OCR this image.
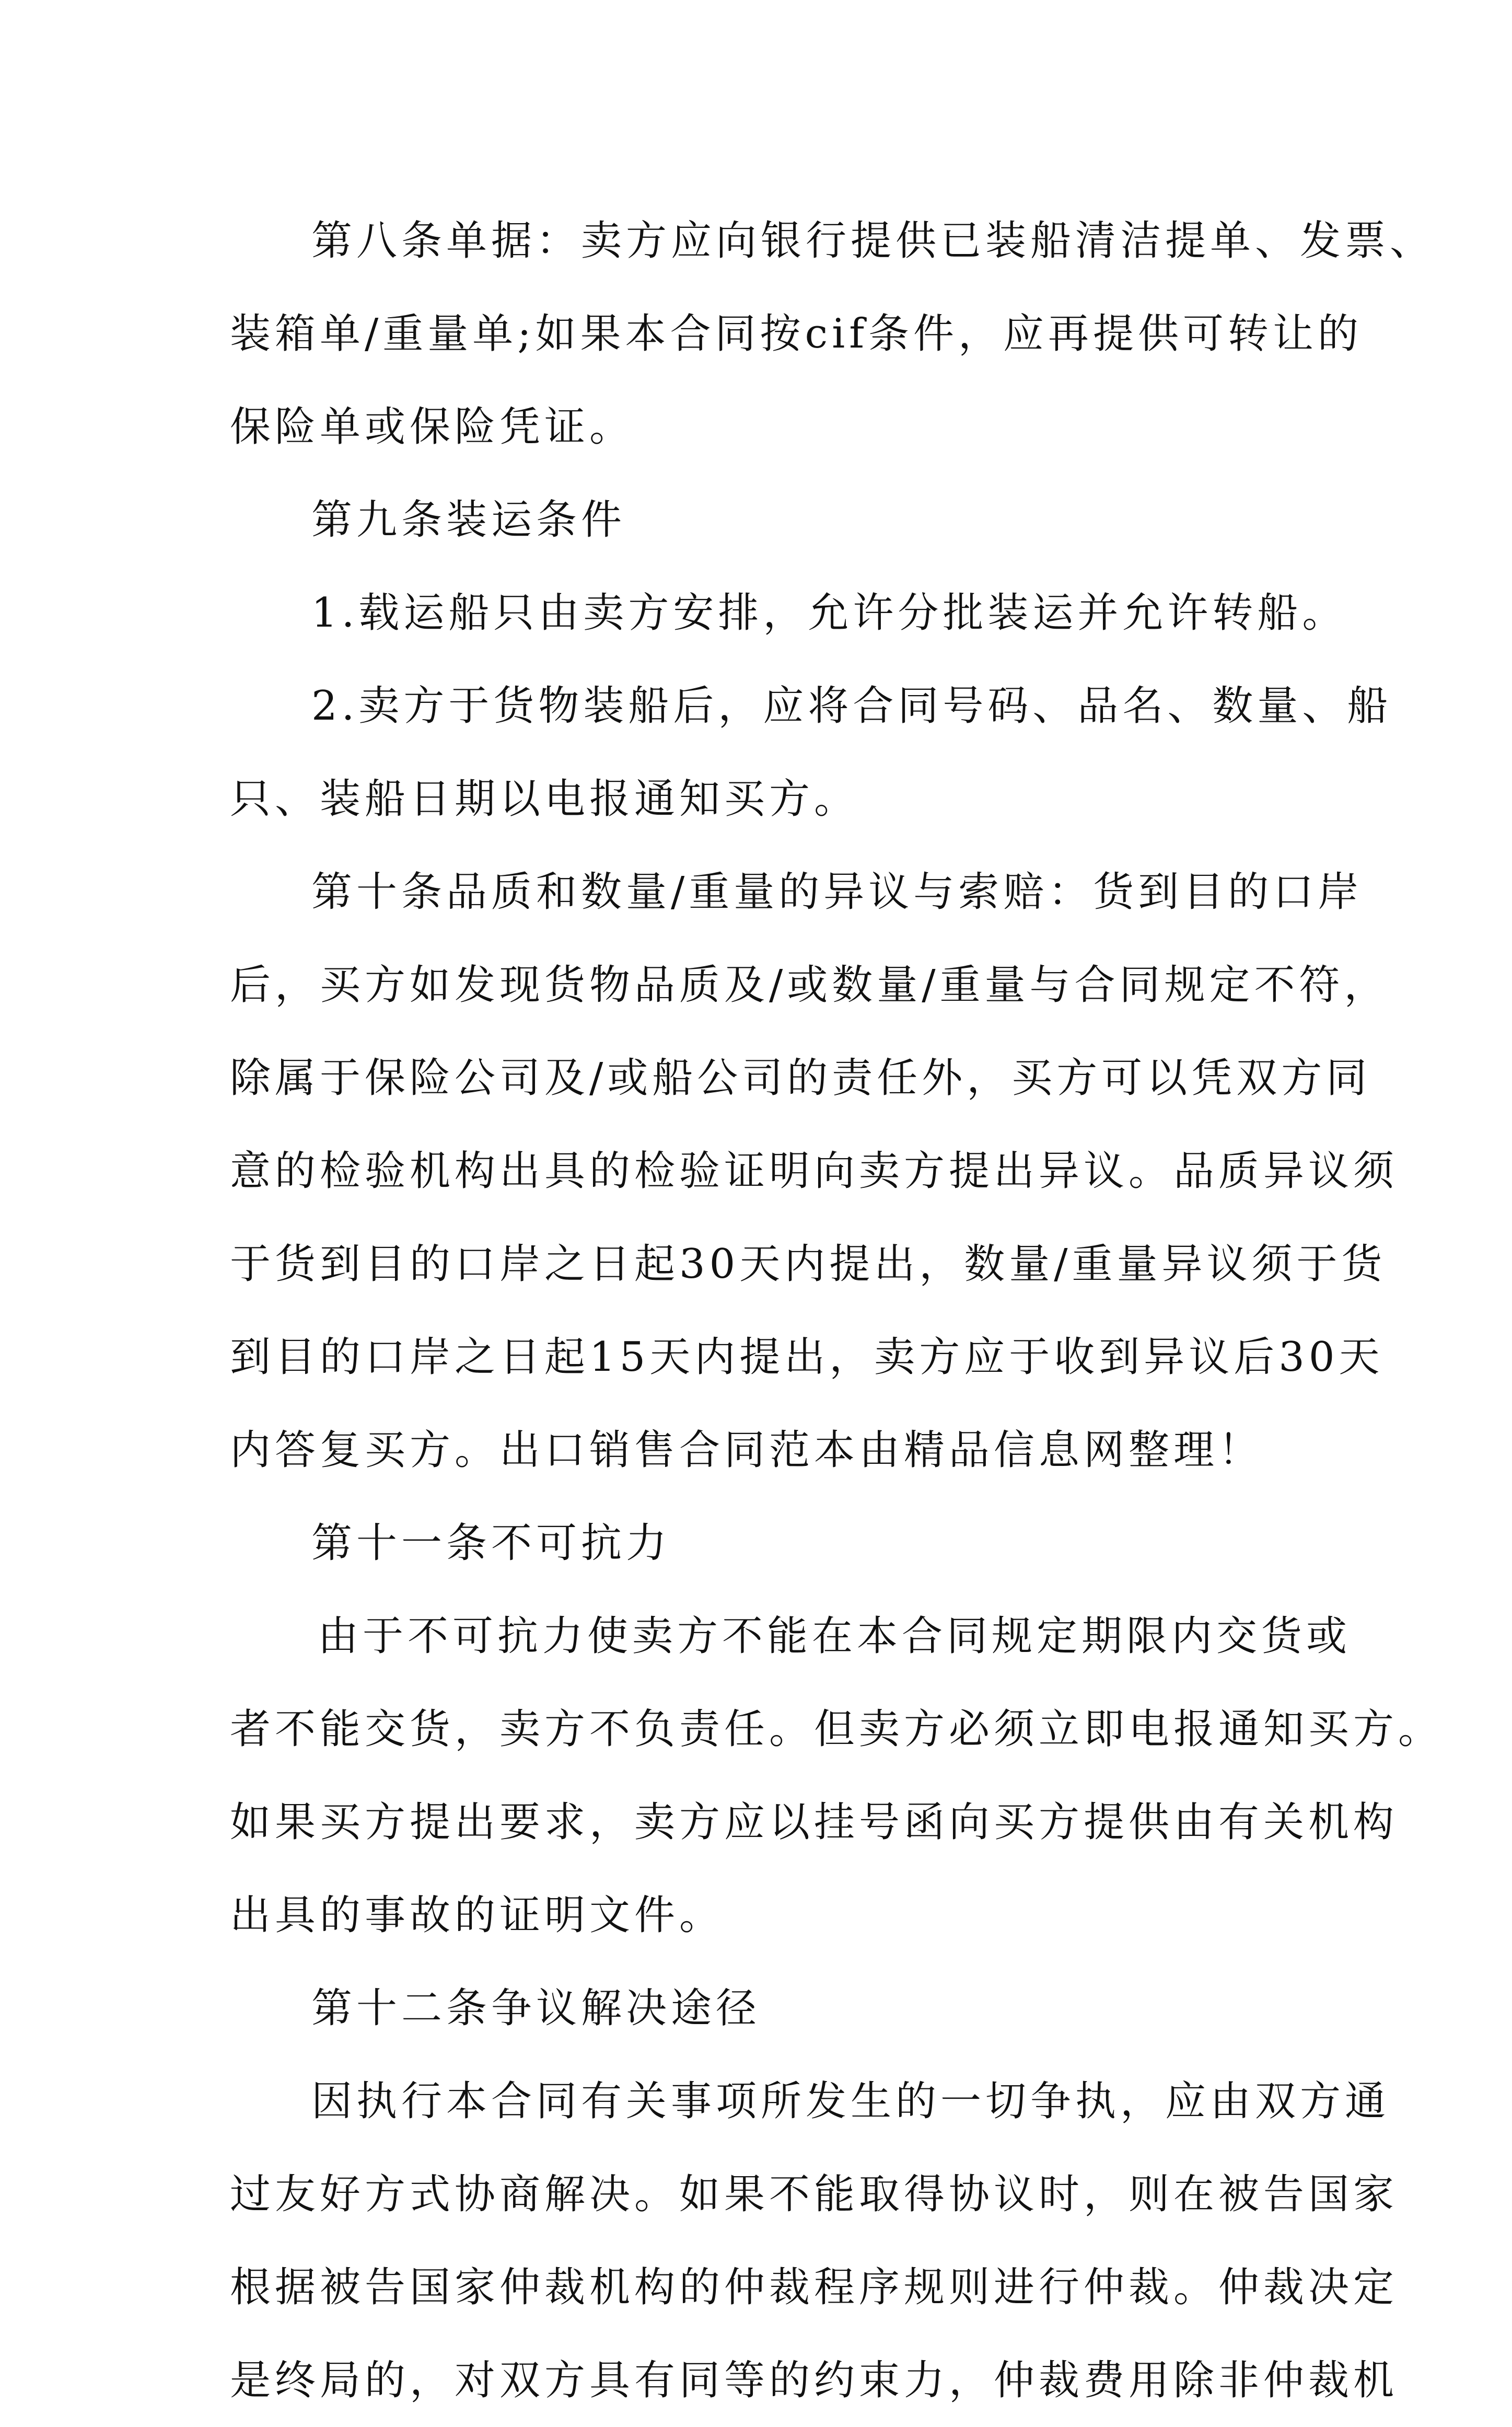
第八条单据：卖方应向银行提供已装船清洁提单、发票、
装箱单/重量单;如果本合同按cif条件，应再提供可转让的
保险单或保险凭证。
第九条装运条件
1.载运船只由卖方安排，允许分批装运并允许转船。
2.卖方于货物装船后，应将合同号码、品名、数量、船
只、装船日期以电报通知买方。
第十条品质和数量/重量的异议与索赔：货到目的口岸
后，买方如发现货物品质及/或数量/重量与合同规定不符，
除属于保险公司及/或船公司的责任外，买方可以凭双方同
意的检验机构出具的检验证明向卖方提出异议。品质异议须
于货到目的口岸之日起30天内提出，数量/重量异议须于货
到目的口岸之日起15天内提出，卖方应于收到异议后30天
内答复买方。出口销售合同范本由精品信息网整理！
第十一条不可抗力
由于不可抗力使卖方不能在本合同规定期限内交货或
者不能交货，卖方不负责任。但卖方必须立即电报通知买方。
如果买方提出要求，卖方应以挂号函向买方提供由有关机构
出具的事故的证明文件。
第十二条争议解决途径
因执行本合同有关事项所发生的一切争执，应由双方通
过友好方式协商解决。如果不能取得协议时，则在被告国家
根据被告国家仲裁机构的仲裁程序规则进行仲裁。仲裁决定
是终局的，对双方具有同等的约束力，仲裁费用除非仲裁机
